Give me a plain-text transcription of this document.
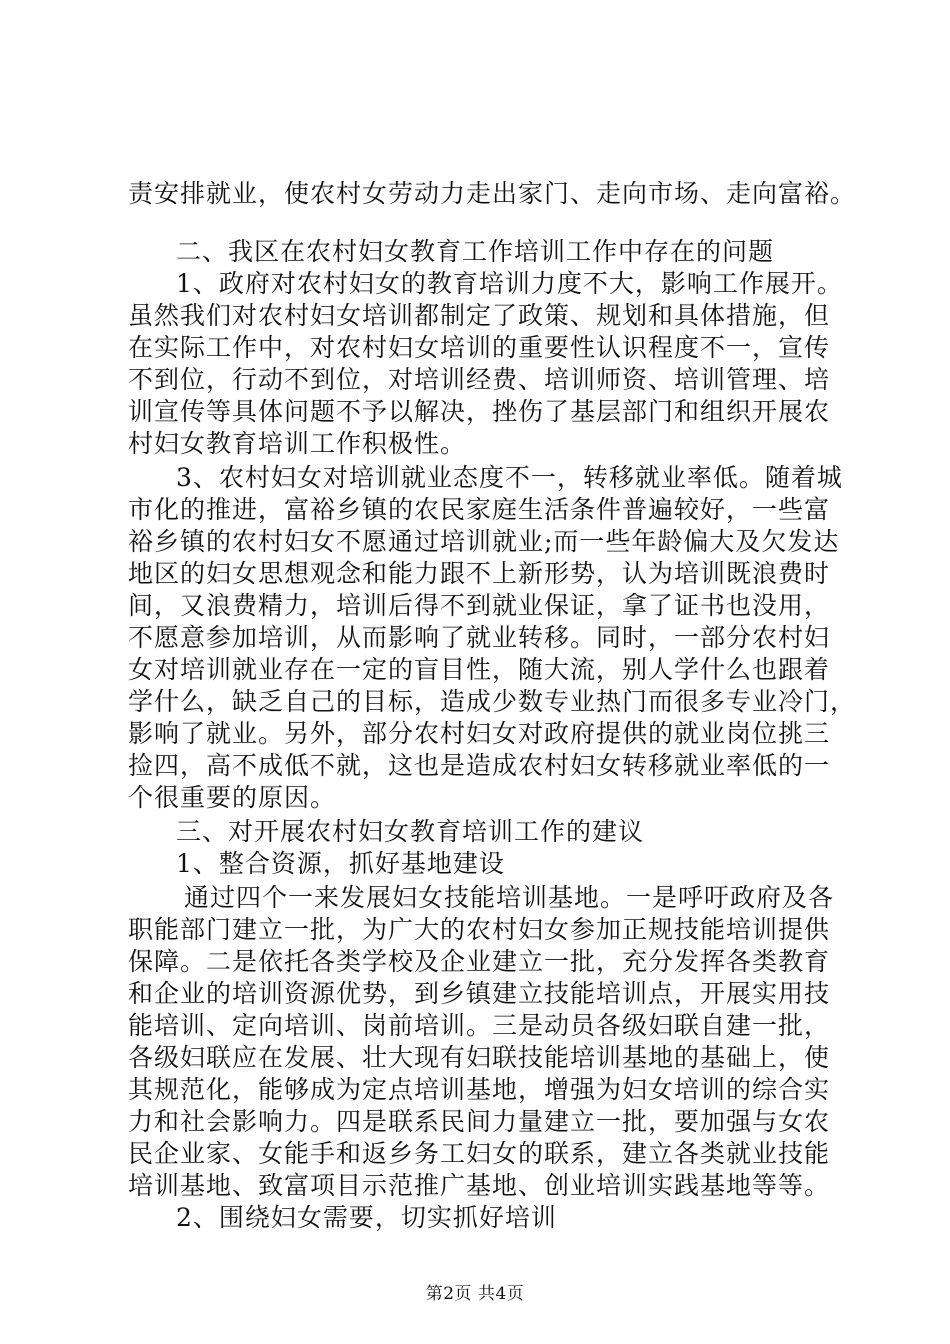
责安排就业，使农村女劳动力走出家门、走向市场、走向富裕。
二、我区在农村妇女教育工作培训工作中存在的问题
1、政府对农村妇女的教育培训力度不大，影响工作展开。
虽然我们对农村妇女培训都制定了政策、规划和具体措施，但
在实际工作中，对农村妇女培训的重要性认识程度不一，宣传
不到位，行动不到位，对培训经费、培训师资、培训管理、培
训宣传等具体问题不予以解决，挫伤了基层部门和组织开展农
村妇女教育培训工作积极性。
3、农村妇女对培训就业态度不一，转移就业率低。随着城
市化的推进，富裕乡镇的农民家庭生活条件普遍较好，一些富
裕乡镇的农村妇女不愿通过培训就业;而一些年龄偏大及欠发达
地区的妇女思想观念和能力跟不上新形势，认为培训既浪费时
间，又浪费精力，培训后得不到就业保证，拿了证书也没用，
不愿意参加培训，从而影响了就业转移。同时，一部分农村妇
女对培训就业存在一定的盲目性，随大流，别人学什么也跟着
学什么，缺乏自己的目标，造成少数专业热门而很多专业冷门，
影响了就业。另外，部分农村妇女对政府提供的就业岗位挑三
捡四，高不成低不就，这也是造成农村妇女转移就业率低的一
个很重要的原因。
三、对开展农村妇女教育培训工作的建议
1、整合资源，抓好基地建设
通过四个一来发展妇女技能培训基地。一是呼吁政府及各
职能部门建立一批，为广大的农村妇女参加正规技能培训提供
保障。二是依托各类学校及企业建立一批，充分发挥各类教育
和企业的培训资源优势，到乡镇建立技能培训点，开展实用技
能培训、定向培训、岗前培训。三是动员各级妇联自建一批，
各级妇联应在发展、壮大现有妇联技能培训基地的基础上，使
其规范化，能够成为定点培训基地，增强为妇女培训的综合实
力和社会影响力。四是联系民间力量建立一批，要加强与女农
民企业家、女能手和返乡务工妇女的联系，建立各类就业技能
培训基地、致富项目示范推广基地、创业培训实践基地等等。
2、围绕妇女需要，切实抓好培训
第2页 共4页
